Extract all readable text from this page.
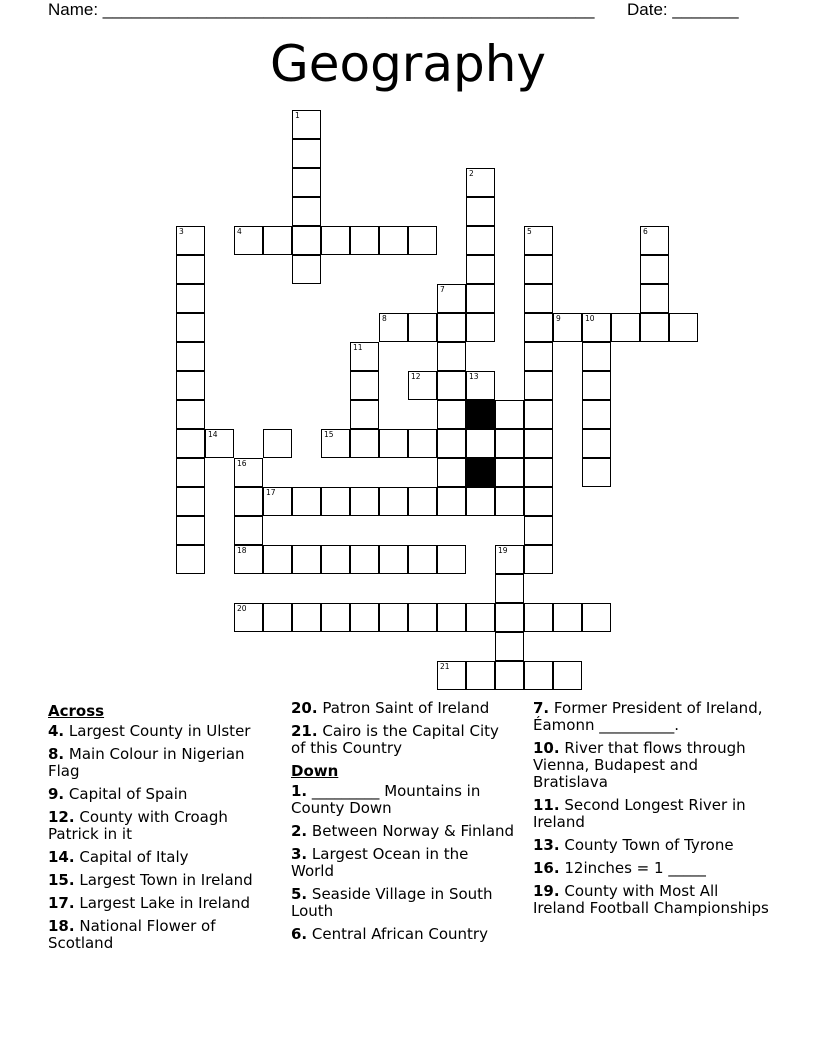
Name: ____________________________________________________ Date: _______
Geography
1
2
3	4	5	6
7
8	9	10
11
12	13
14	15
16
17
18	19
20
21
Across
4. Largest County in Ulster
8. Main Colour in Nigerian Flag
9. Capital of Spain
12. County with Croagh Patrick in it
14. Capital of Italy
15. Largest Town in Ireland
17. Largest Lake in Ireland
18. National Flower of Scotland
20. Patron Saint of Ireland
21. Cairo is the Capital City of this Country
Down
1. _________ Mountains in County Down
2. Between Norway & Finland
3. Largest Ocean in the World
5. Seaside Village in South Louth
6. Central African Country
7. Former President of Ireland, Éamonn __________.
10. River that flows through Vienna, Budapest and Bratislava
11. Second Longest River in Ireland
13. County Town of Tyrone
16. 12inches = 1 _____
19. County with Most All Ireland Football Championships
